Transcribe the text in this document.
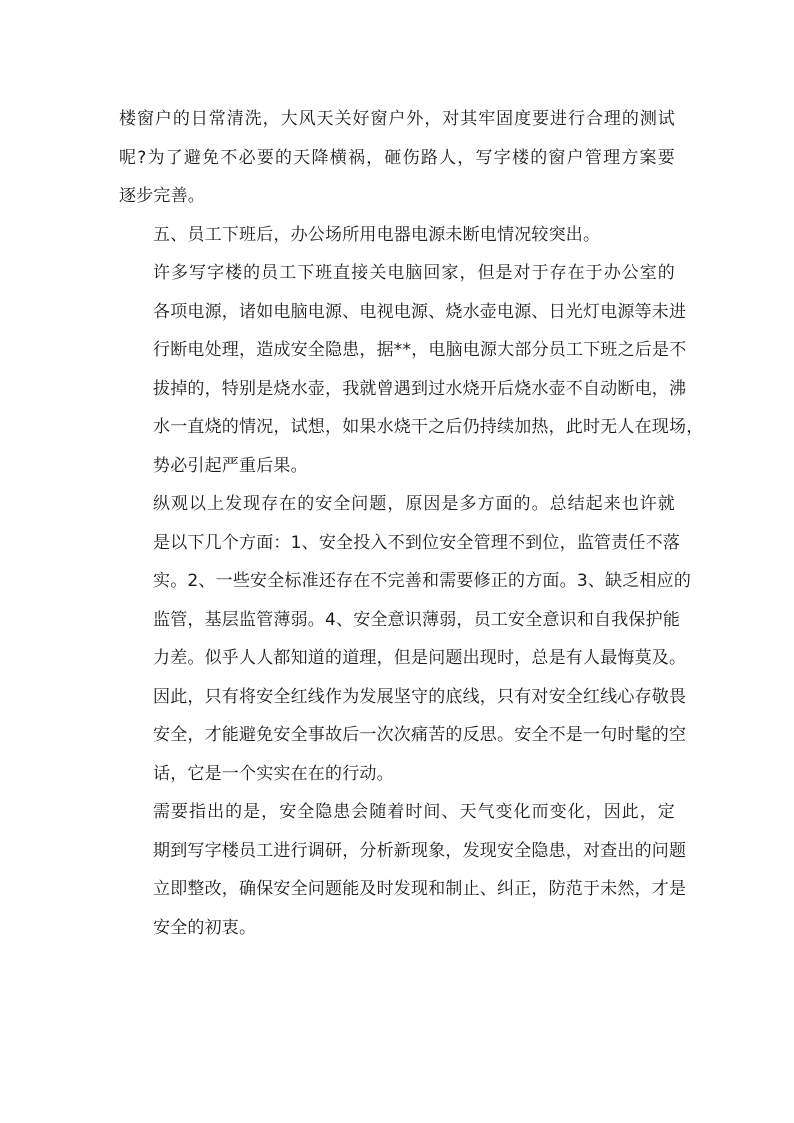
楼窗户的日常清洗，大风天关好窗户外，对其牢固度要进行合理的测试
呢?为了避免不必要的天降横祸，砸伤路人，写字楼的窗户管理方案要
逐步完善。

五、员工下班后，办公场所用电器电源未断电情况较突出。

许多写字楼的员工下班直接关电脑回家，但是对于存在于办公室的
各项电源，诸如电脑电源、电视电源、烧水壶电源、日光灯电源等未进
行断电处理，造成安全隐患，据**，电脑电源大部分员工下班之后是不
拔掉的，特别是烧水壶，我就曾遇到过水烧开后烧水壶不自动断电，沸
水一直烧的情况，试想，如果水烧干之后仍持续加热，此时无人在现场，
势必引起严重后果。

纵观以上发现存在的安全问题，原因是多方面的。总结起来也许就
是以下几个方面：1、安全投入不到位安全管理不到位，监管责任不落
实。2、一些安全标准还存在不完善和需要修正的方面。3、缺乏相应的
监管，基层监管薄弱。4、安全意识薄弱，员工安全意识和自我保护能
力差。似乎人人都知道的道理，但是问题出现时，总是有人最悔莫及。
因此，只有将安全红线作为发展坚守的底线，只有对安全红线心存敬畏
安全，才能避免安全事故后一次次痛苦的反思。安全不是一句时髦的空
话，它是一个实实在在的行动。

需要指出的是，安全隐患会随着时间、天气变化而变化，因此，定
期到写字楼员工进行调研，分析新现象，发现安全隐患，对查出的问题
立即整改，确保安全问题能及时发现和制止、纠正，防范于未然，才是
安全的初衷。
